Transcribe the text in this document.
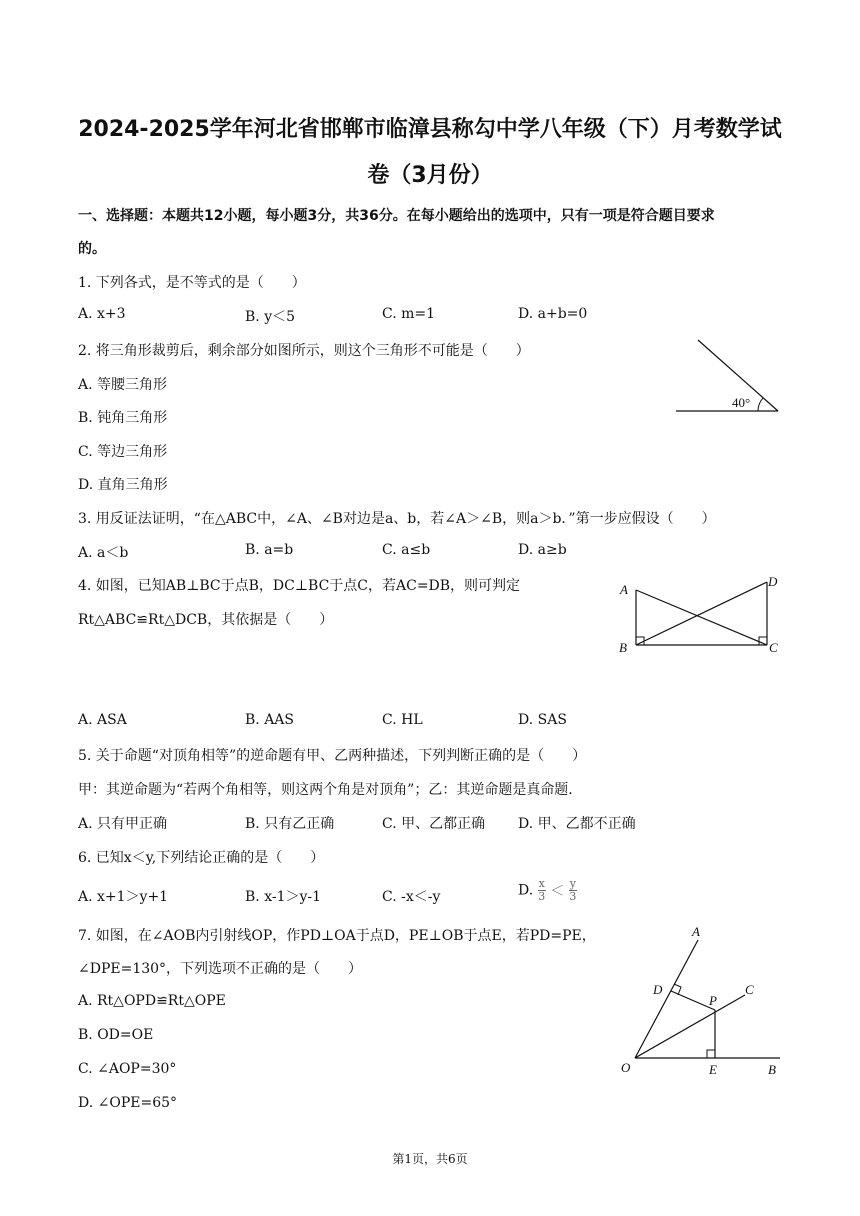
2024-2025学年河北省邯郸市临漳县称勾中学八年级（下）月考数学试
卷（3月份）
一、选择题：本题共12小题，每小题3分，共36分。在每小题给出的选项中，只有一项是符合题目要求
的。
1. 下列各式，是不等式的是（　　）
A. x+3	B. y＜5	C. m=1	D. a+b=0
2. 将三角形裁剪后，剩余部分如图所示，则这个三角形不可能是（　　）
A. 等腰三角形
B. 钝角三角形
C. 等边三角形
D. 直角三角形
40°
3. 用反证法证明，“在△ABC中，∠A、∠B对边是a、b，若∠A＞∠B，则a＞b．”第一步应假设（　　）
A. a＜b	B. a=b	C. a≤b	D. a≥b
4. 如图，已知AB⊥BC于点B，DC⊥BC于点C，若AC=DB，则可判定
Rt△ABC≌Rt△DCB，其依据是（　　）
A
B	C
D
A. ASA	B. AAS	C. HL	D. SAS
5. 关于命题“对顶角相等”的逆命题有甲、乙两种描述，下列判断正确的是（　　）
甲：其逆命题为“若两个角相等，则这两个角是对顶角”；乙：其逆命题是真命题.
A. 只有甲正确	B. 只有乙正确	C. 甲、乙都正确 D. 甲、乙都不正确
6. 已知x＜y,下列结论正确的是（　　）
A. x+1＞y+1	B. x-1＞y-1	C. -x＜-y	D. $\frac{x}{3} < \frac{y}{3}$
7. 如图，在∠AOB内引射线OP，作PD⊥OA于点D，PE⊥OB于点E，若PD=PE，
∠DPE=130°，下列选项不正确的是（　　）
A. Rt△OPD≌Rt△OPE
B. OD=OE
C. ∠AOP=30°
D. ∠OPE=65°
A
C
D
P
O	E	B
第1页，共6页
